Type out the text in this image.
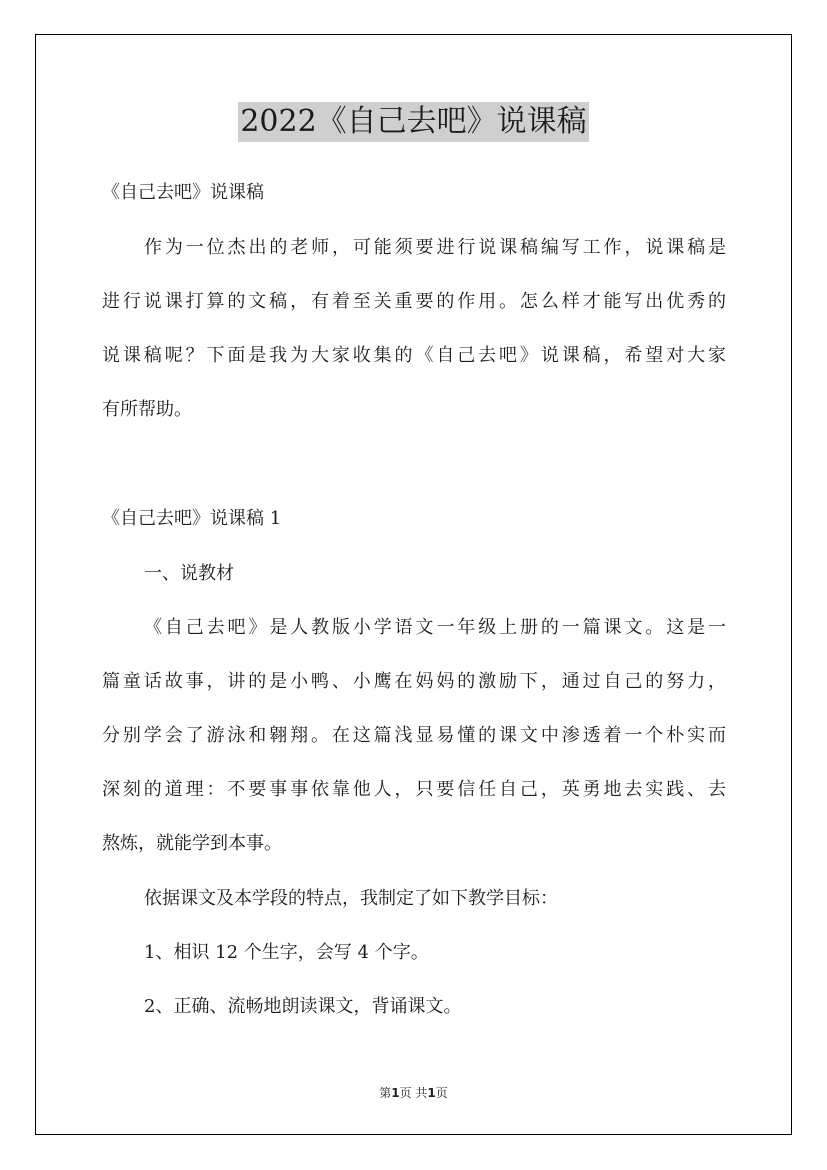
2022《自己去吧》说课稿
《自己去吧》说课稿
作为一位杰出的老师，可能须要进行说课稿编写工作，说课稿是
进行说课打算的文稿，有着至关重要的作用。怎么样才能写出优秀的
说课稿呢？下面是我为大家收集的《自己去吧》说课稿，希望对大家
有所帮助。
《自己去吧》说课稿 1
一、说教材
《自己去吧》是人教版小学语文一年级上册的一篇课文。这是一
篇童话故事，讲的是小鸭、小鹰在妈妈的激励下，通过自己的努力，
分别学会了游泳和翱翔。在这篇浅显易懂的课文中渗透着一个朴实而
深刻的道理：不要事事依靠他人，只要信任自己，英勇地去实践、去
熬炼，就能学到本事。
依据课文及本学段的特点，我制定了如下教学目标：
1、相识 12 个生字，会写 4 个字。
2、正确、流畅地朗读课文，背诵课文。
第1页 共1页
